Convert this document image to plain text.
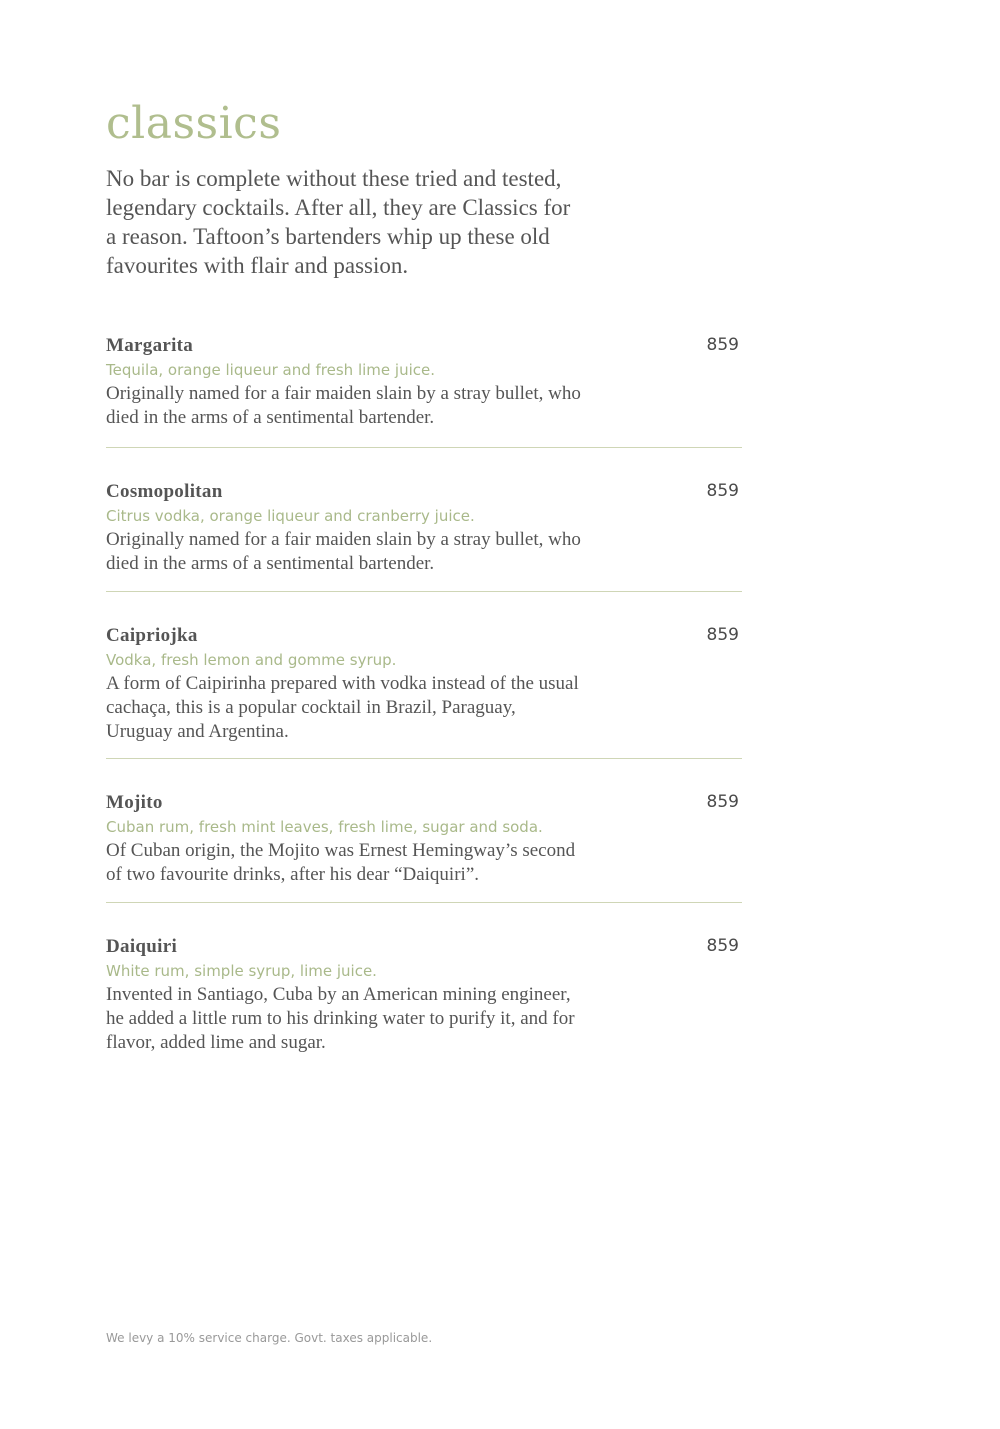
classics

No bar is complete without these tried and tested, legendary cocktails. After all, they are Classics for a reason. Taftoon’s bartenders whip up these old favourites with flair and passion.

Margarita	859
Tequila, orange liqueur and fresh lime juice.
Originally named for a fair maiden slain by a stray bullet, who died in the arms of a sentimental bartender.
Cosmopolitan	859
Citrus vodka, orange liqueur and cranberry juice.
Originally named for a fair maiden slain by a stray bullet, who died in the arms of a sentimental bartender.
Caipriojka	859
Vodka, fresh lemon and gomme syrup.
A form of Caipirinha prepared with vodka instead of the usual cachaça, this is a popular cocktail in Brazil, Paraguay, Uruguay and Argentina.
Mojito	859
Cuban rum, fresh mint leaves, fresh lime, sugar and soda.
Of Cuban origin, the Mojito was Ernest Hemingway’s second of two favourite drinks, after his dear “Daiquiri”.
Daiquiri	859
White rum, simple syrup, lime juice.
Invented in Santiago, Cuba by an American mining engineer, he added a little rum to his drinking water to purify it, and for flavor, added lime and sugar.
We levy a 10% service charge. Govt. taxes applicable.
